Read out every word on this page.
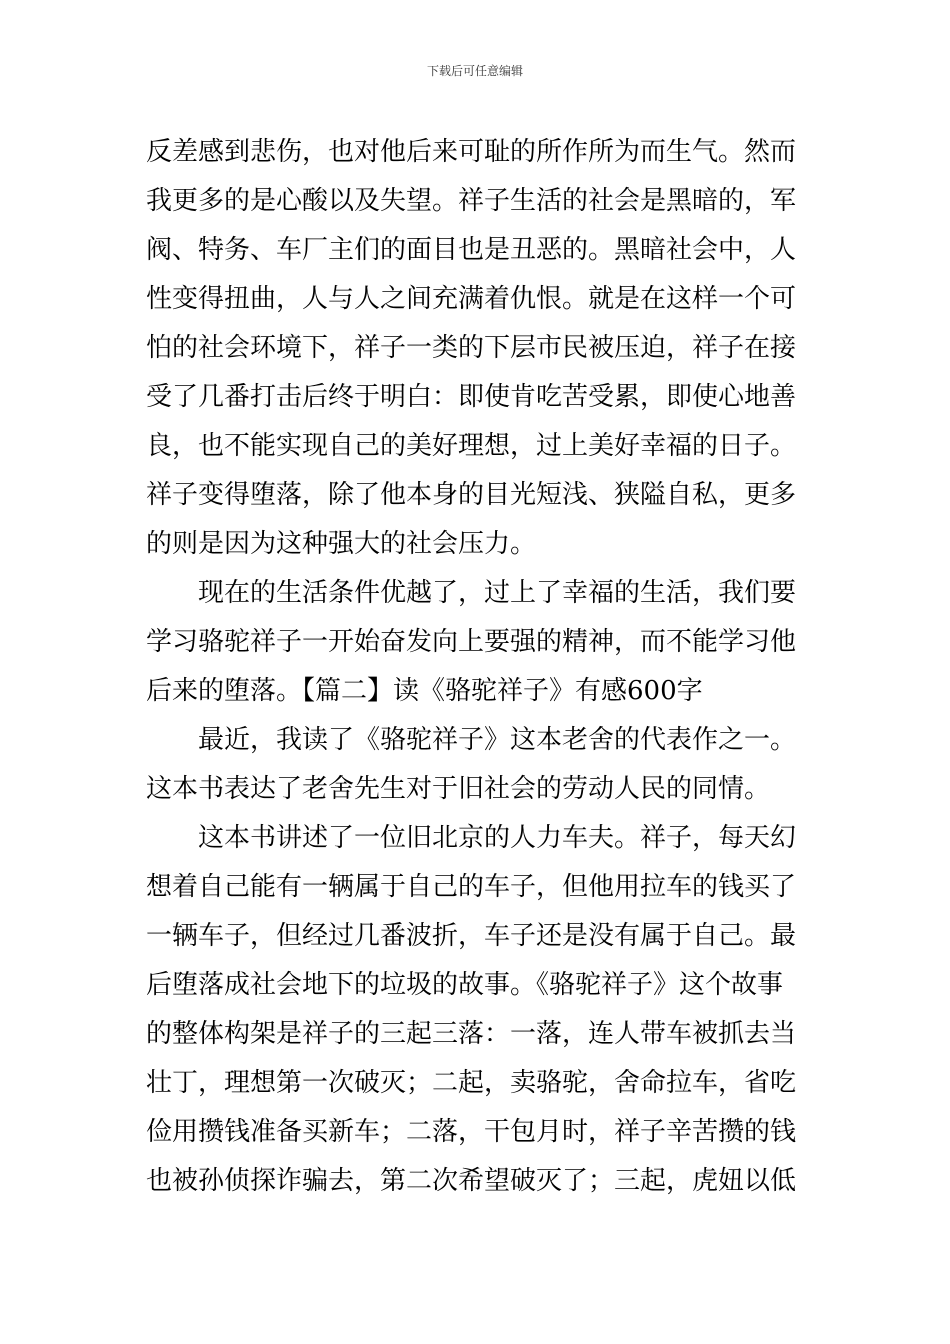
下载后可任意编辑
反差感到悲伤，也对他后来可耻的所作所为而生气。然而
我更多的是心酸以及失望。祥子生活的社会是黑暗的，军
阀、特务、车厂主们的面目也是丑恶的。黑暗社会中，人
性变得扭曲，人与人之间充满着仇恨。就是在这样一个可
怕的社会环境下，祥子一类的下层市民被压迫，祥子在接
受了几番打击后终于明白：即使肯吃苦受累，即使心地善
良，也不能实现自己的美好理想，过上美好幸福的日子。
祥子变得堕落，除了他本身的目光短浅、狭隘自私，更多
的则是因为这种强大的社会压力。
　　现在的生活条件优越了，过上了幸福的生活，我们要
学习骆驼祥子一开始奋发向上要强的精神，而不能学习他
后来的堕落。【篇二】读《骆驼祥子》有感600字
　　最近，我读了《骆驼祥子》这本老舍的代表作之一。
这本书表达了老舍先生对于旧社会的劳动人民的同情。
　　这本书讲述了一位旧北京的人力车夫。祥子，每天幻
想着自己能有一辆属于自己的车子，但他用拉车的钱买了
一辆车子，但经过几番波折，车子还是没有属于自己。最
后堕落成社会地下的垃圾的故事。《骆驼祥子》这个故事
的整体构架是祥子的三起三落：一落，连人带车被抓去当
壮丁，理想第一次破灭；二起，卖骆驼，舍命拉车，省吃
俭用攒钱准备买新车；二落，干包月时，祥子辛苦攒的钱
也被孙侦探诈骗去，第二次希望破灭了；三起，虎妞以低
